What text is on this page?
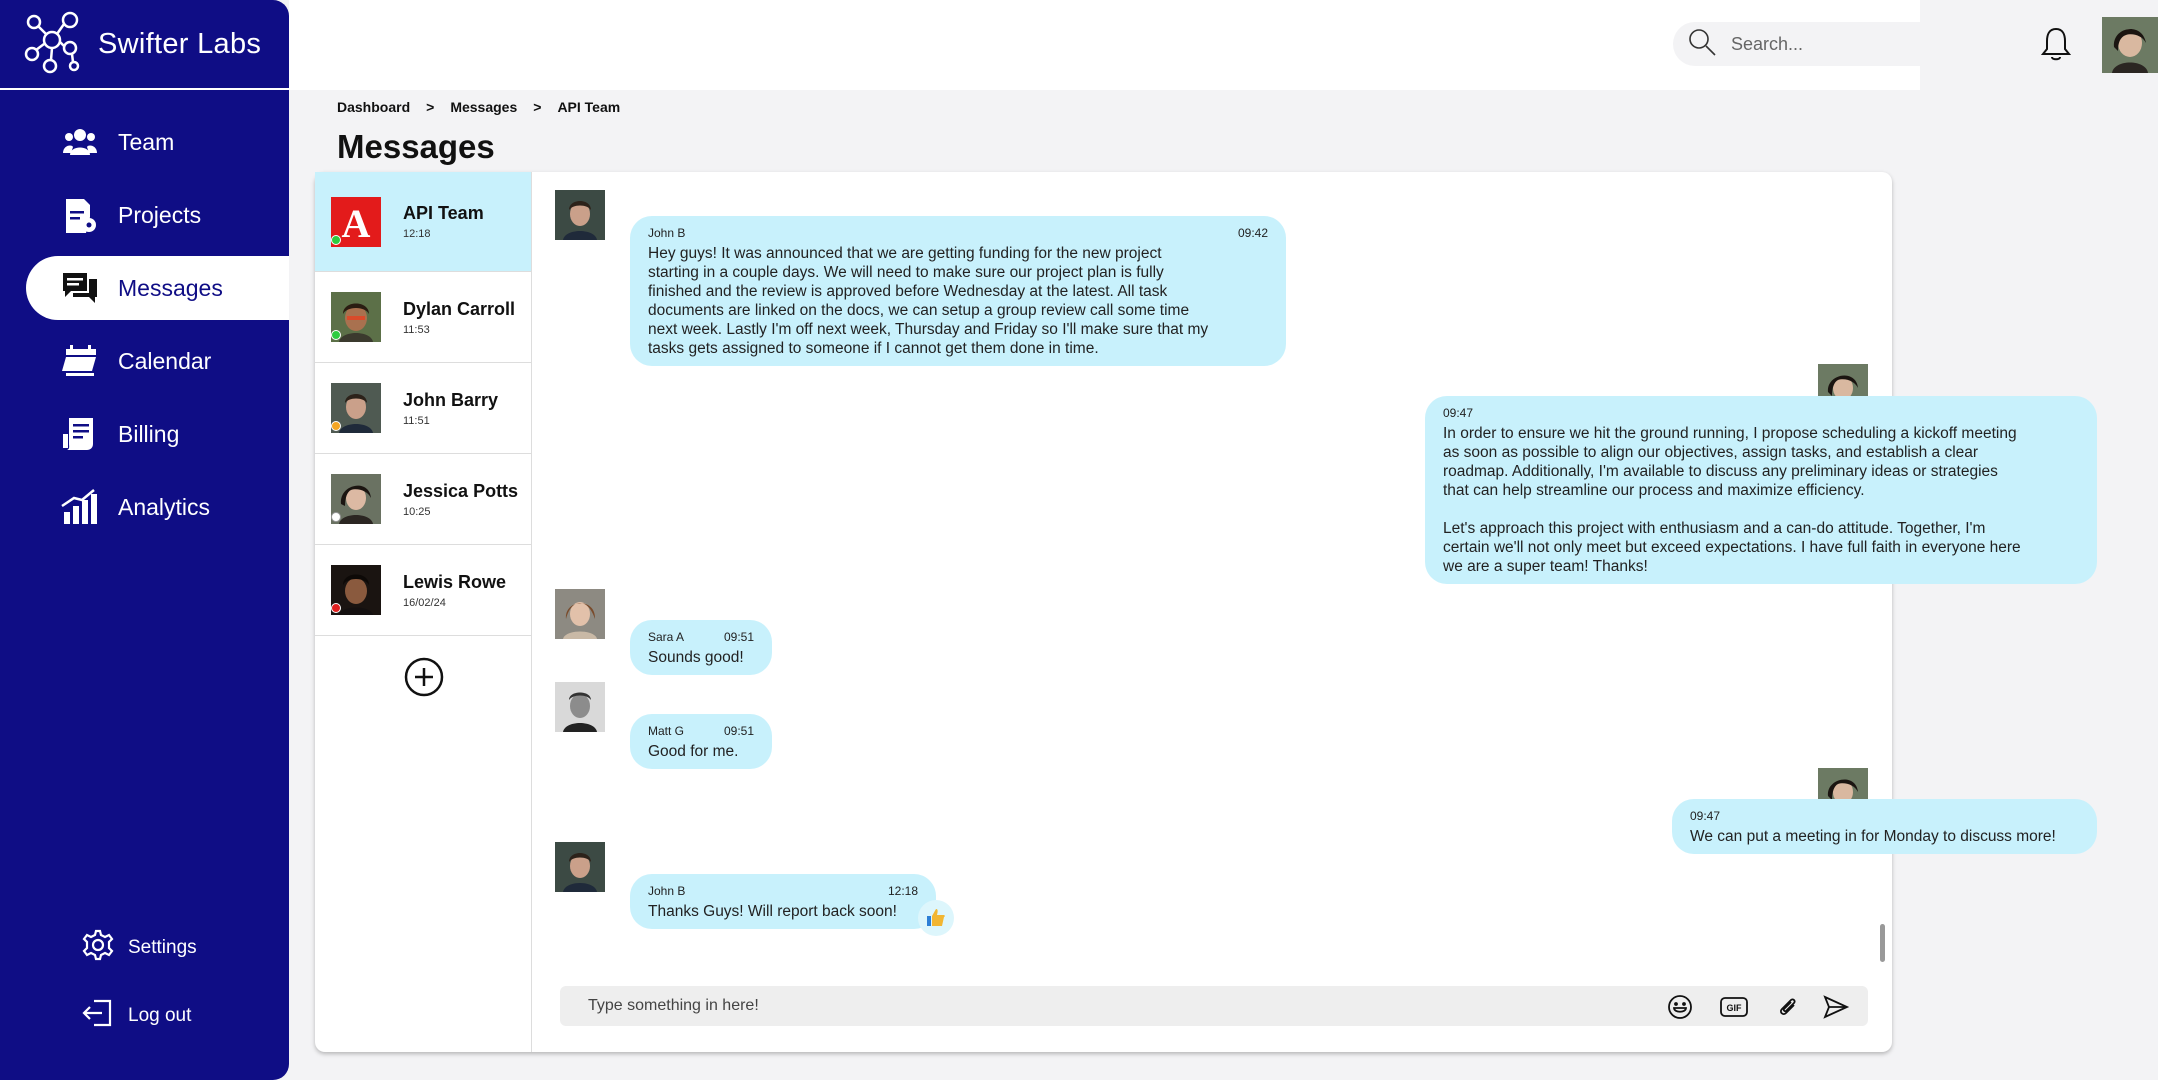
Swifter Labs
Team
Projects
Messages
Calendar
Billing
Analytics
Settings
Log out
Search...
Dashboard > Messages > API Team
Messages
A API Team
12:18
Dylan Carroll
11:53
John Barry
11:51
Jessica Potts
10:25
Lewis Rowe
16/02/24
John B	09:42
Hey guys! It was announced that we are getting funding for the new project
starting in a couple days. We will need to make sure our project plan is fully
finished and the review is approved before Wednesday at the latest. All task
documents are linked on the docs, we can setup a group review call some time
next week. Lastly I'm off next week, Thursday and Friday so I'll make sure that my
tasks gets assigned to someone if I cannot get them done in time.
09:47
In order to ensure we hit the ground running, I propose scheduling a kickoff meeting
as soon as possible to align our objectives, assign tasks, and establish a clear
roadmap. Additionally, I'm available to discuss any preliminary ideas or strategies
that can help streamline our process and maximize efficiency.

Let's approach this project with enthusiasm and a can-do attitude. Together, I'm
certain we'll not only meet but exceed expectations. I have full faith in everyone here
we are a super team! Thanks!
Sara A	09:51
Sounds good!
Matt G	09:51
Good for me.
09:47
We can put a meeting in for Monday to discuss more!
John B	12:18
Thanks Guys! Will report back soon!
Type something in here!
GIF
